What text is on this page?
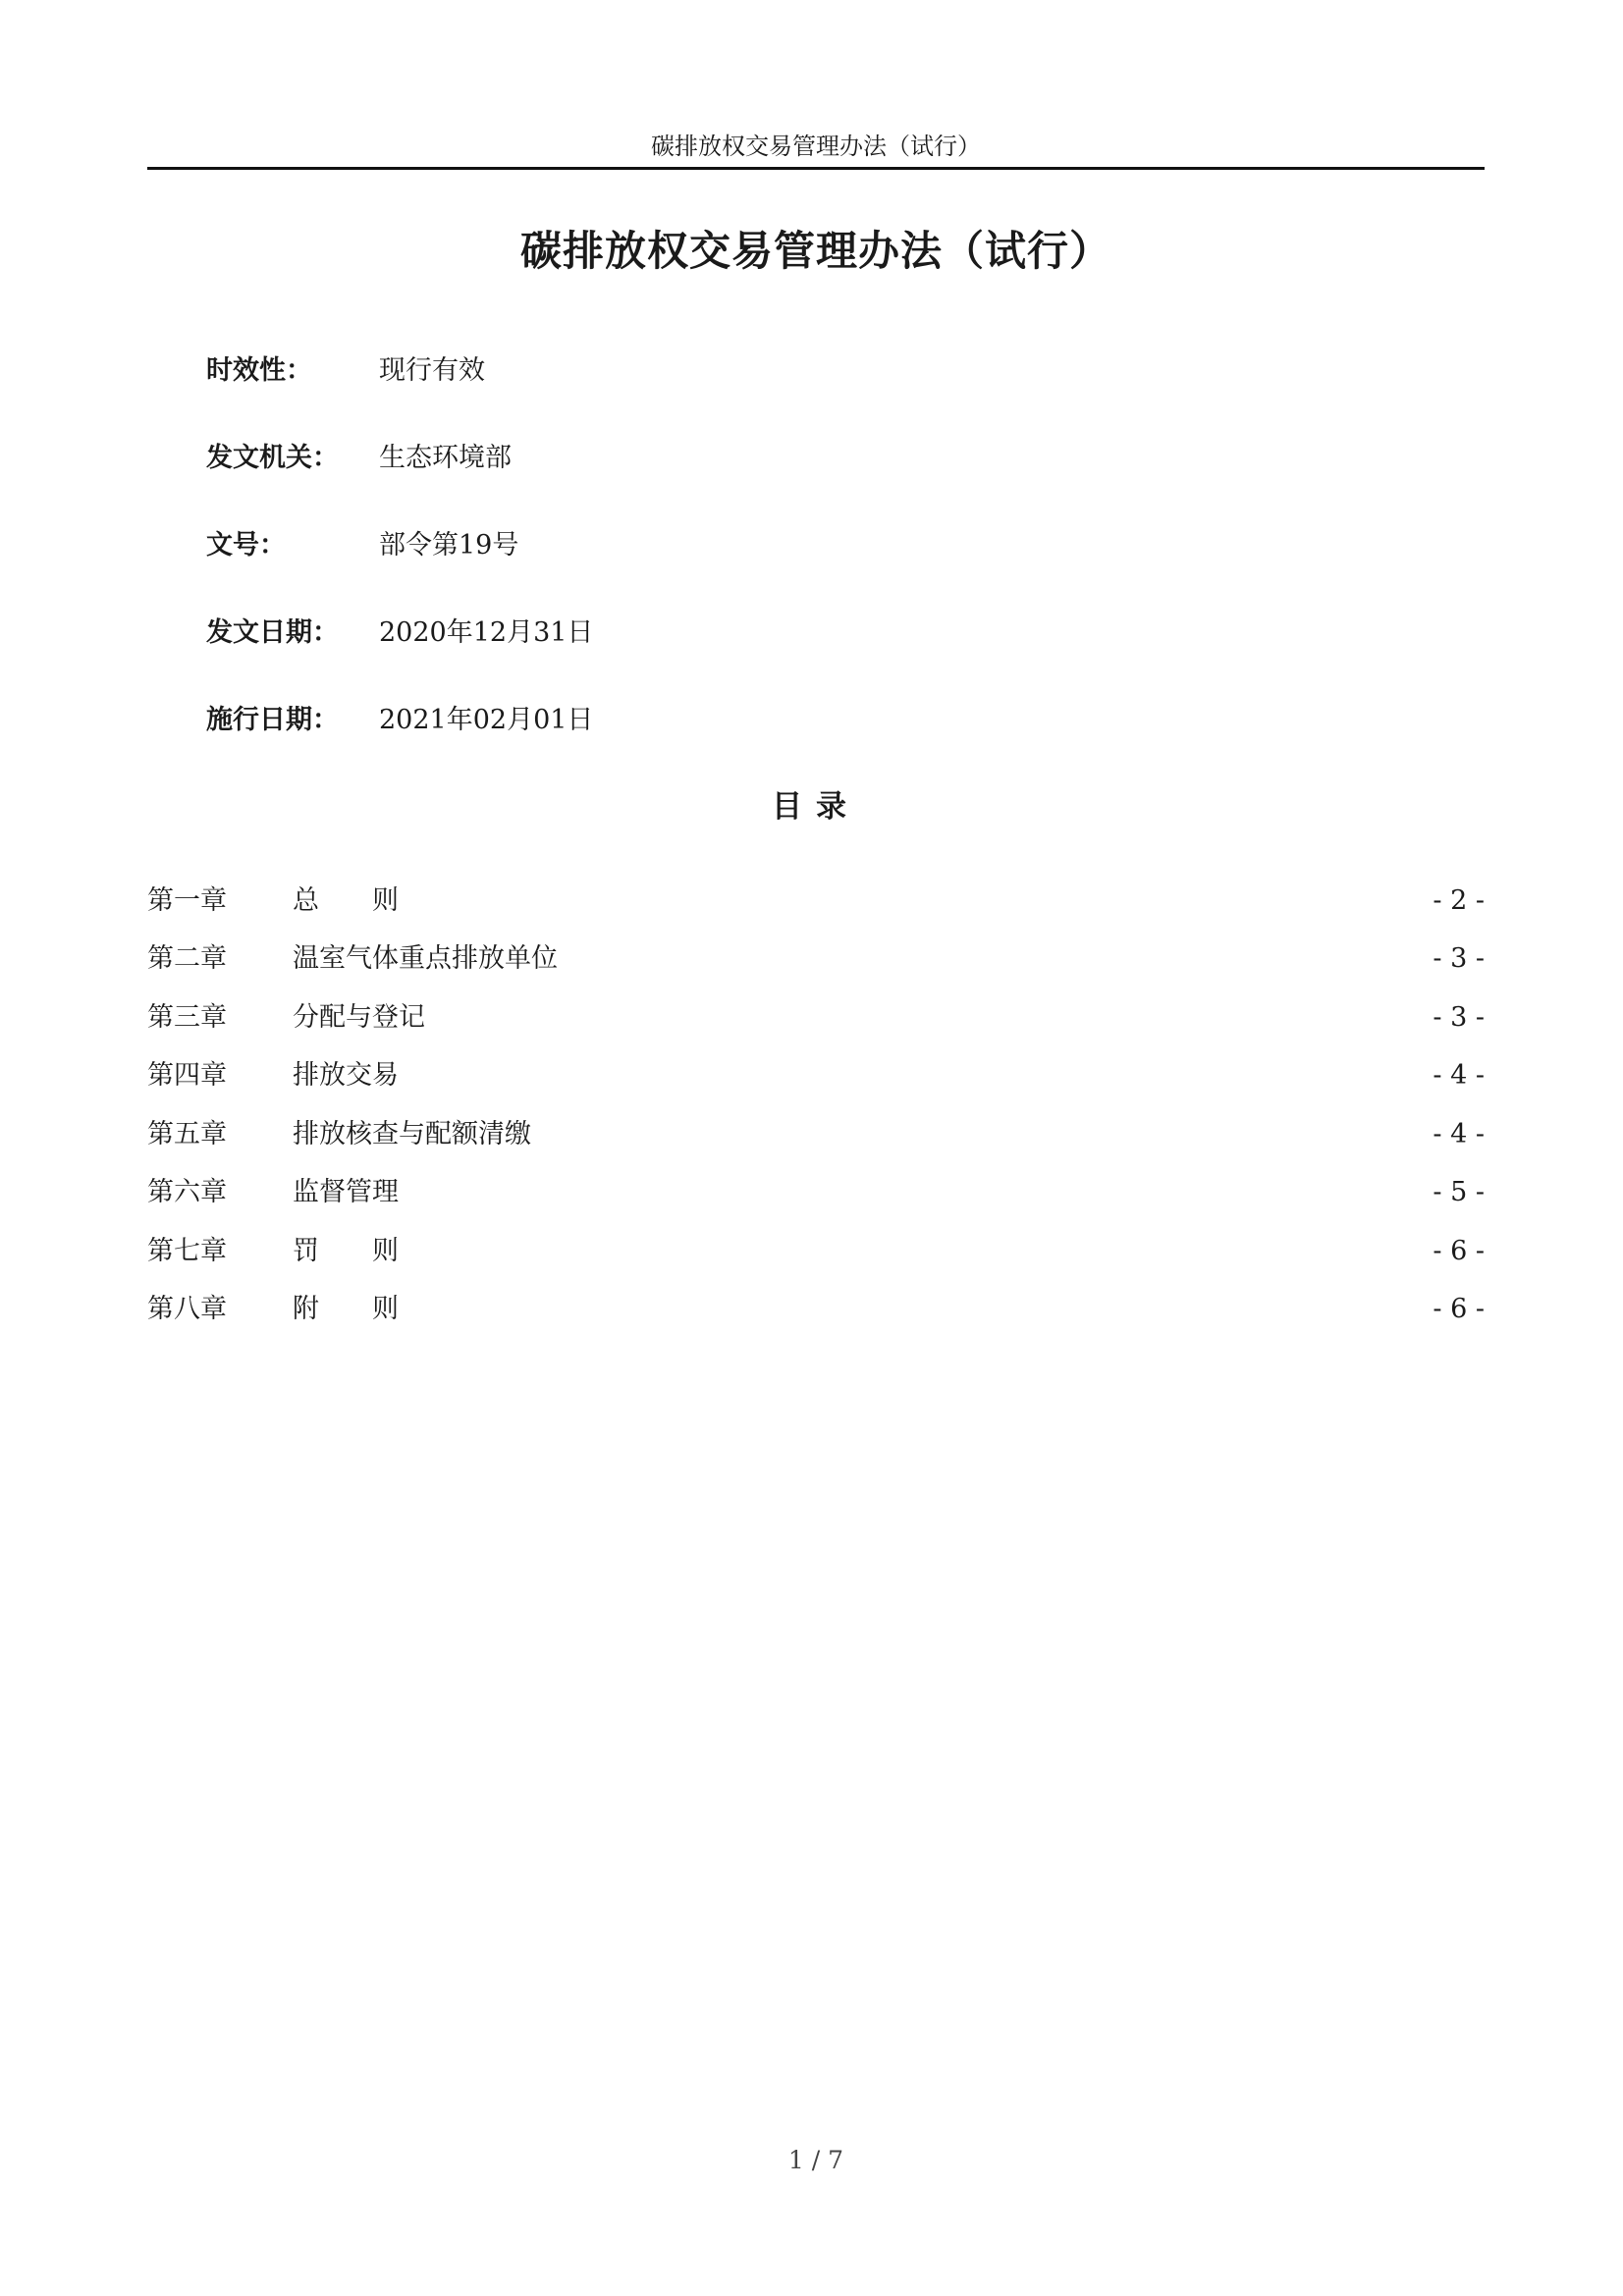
碳排放权交易管理办法（试行）
碳排放权交易管理办法（试行）
时效性：	现行有效
发文机关：	生态环境部
文号：	部令第19号
发文日期：	2020年12月31日
施行日期：	2021年02月01日
目录
第一章	总　　则	- 2 -
第二章	温室气体重点排放单位	- 3 -
第三章	分配与登记	- 3 -
第四章	排放交易	- 4 -
第五章	排放核查与配额清缴	- 4 -
第六章	监督管理	- 5 -
第七章	罚　　则	- 6 -
第八章	附　　则	- 6 -
1 / 7
